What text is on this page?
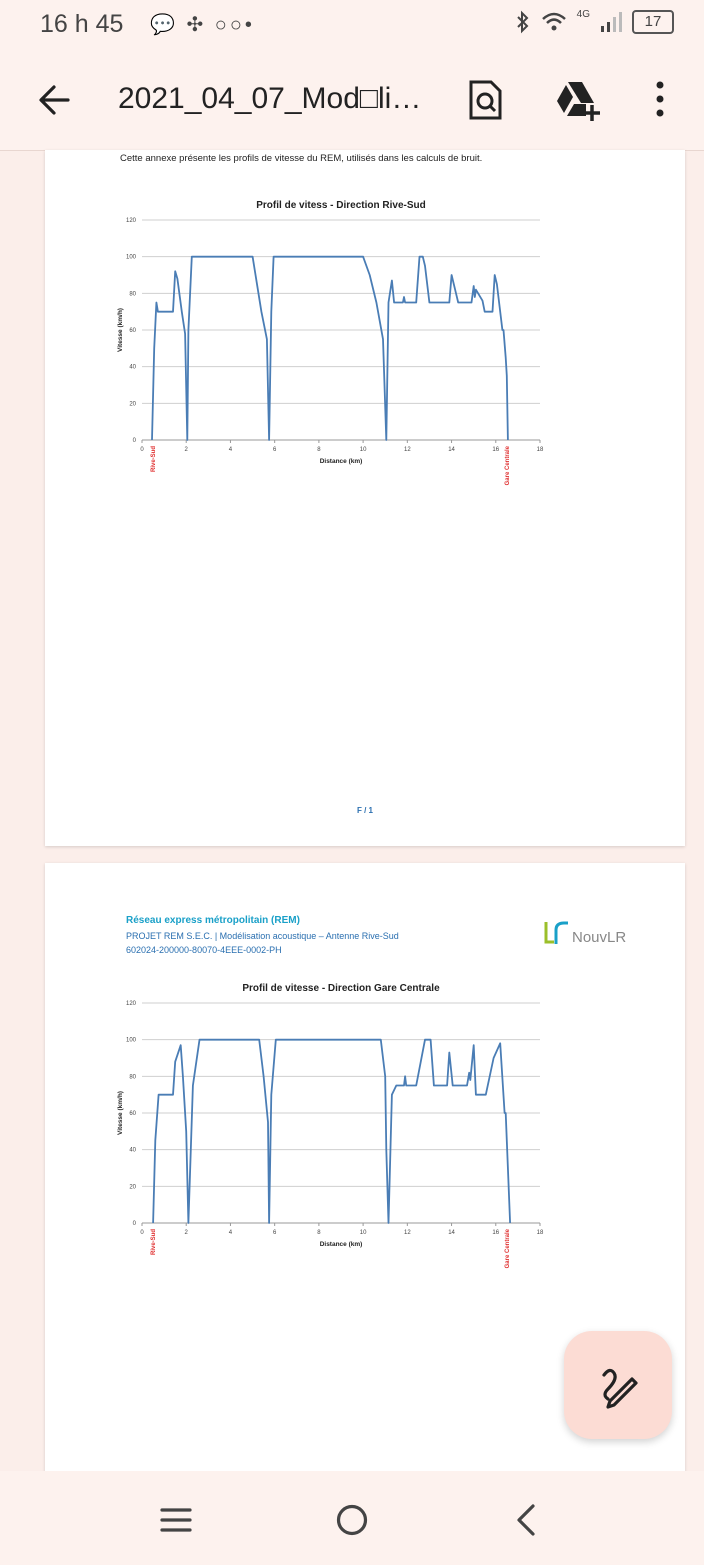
16 h 45 💬 ✣ ○○•	4G	17
2021_04_07_Mod□li…
Cette annexe présente les profils de vitesse du REM, utilisés dans les calculs de bruit.
Profil de vitess - Direction Rive-Sud
0
20
40
60
80
100
120
0	2	4	6	8	10	12	14	16	18
Distance (km)
Vitesse (km/h)
Rive-Sud	Gare Centrale
F / 1
Réseau express métropolitain (REM)
PROJET REM S.E.C. | Modélisation acoustique – Antenne Rive-Sud
602024-200000-80070-4EEE-0002-PH
NouvLR
Profil de vitesse - Direction Gare Centrale
0
20
40
60
80
100
120
0	2	4	6	8	10	12	14	16	18
Distance (km)
Vitesse (km/h)
Rive-Sud	Gare Centrale
